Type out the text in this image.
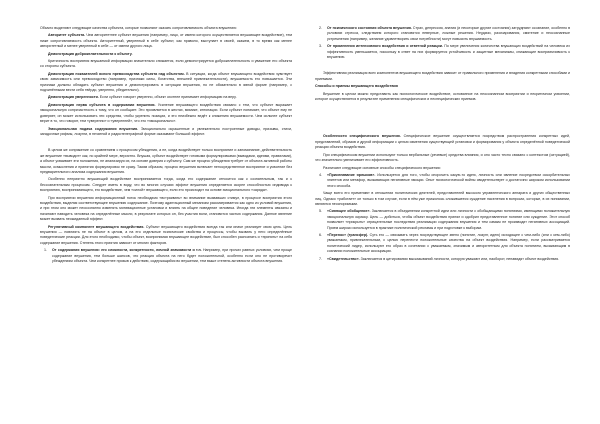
Обычно выделяют следующие качества субъекта, которые позволяют оказать сопротивляемость объекта внушению:

Авторитет субъекта. Чем авторитетнее субъект внушения (например, лицо, от имени которого осуществляется внушающее воздействие), тем ниже сопротивляемость объекта. Авторитетный, уверенный в себе субъект, как правило, выступает в своей, скажем, в то время как менее авторитетный и менее уверенный в себе — от имени другого лица.

Демонстрация доброжелательности к объекту.

Критичность восприятия внушаемой информации значительно снижается, если демонстрируется доброжелательность и уважение его объекта со стороны субъекта.

Демонстрация показателей ясного превосходства субъекта над объектом. В ситуации, когда объект внушающего воздействия чувствует свою зависимость или превосходство (например, признаки силы, богатства, внешней привлекательности), внушаемость его повышается. Эти признаки должны обладать субъект внушения и демонстрировать в ситуации внушения, но не обязательно в явной форме (например, с подчинёнными вести себя твёрдо, уверенно, убедительно).

Демонстрация уверенности. Если субъект говорит уверенно, объект охотнее принимает информацию на веру.

Демонстрация нерва субъекта в содержании внушения. Усиление внушающего воздействия связано с тем, что субъект выражает эмоциональную сопричастность к тому, что он сообщает. Это проявляется в жестах, мимике, интонации. Если субъект понимает, что объект ему не доверяет, он может использовать эти средства, чтобы укрепить позиции, и это неизбежно ведёт к снижению внушаемости. Чем сильнее субъект верит в то, что говорит, тем «уверенно» и «уверенней», что это «эмоционально».

Эмоциональная подача содержания внушения. Эмоционально окрашенные и увлекательно построенные доводы, призывы, стихи, загадочные рифмы, лозунги, в печатной и радиотелеграфной форме оказывают большой эффект.

В целом же сопряжение со сравнением с процессом убеждения, а не, когда воздействует только восприятие и запоминание, действительность же внушение «выводит» как, по крайней мере, вероятно. Внушая, субъект воздействует готовыми формулировками (выводами, идеями, правилами), а объект усваивает эти положения, не анализируя их, на основе доверия к субъекту. Сам же процесс убеждения требует от объекта активной работы мысли, осмысления и принятия формулировок не сразу. Таким образом, процесс внушения включает непосредственное восприятие и усвоение без предварительного анализа содержания внушения.

Особенно неприятно внушающий воздействие воспринимается тогда, когда его содержание относится как к сознательным, так и к бессознательным процессам. Следует иметь в виду, что во многих случаях эффект внушения определяется скорее способностью индивида к восприятию, воспринимающего, его воздействие, чем «силой» внушающего, если это происходит на основе эмоционального «заряда».

При восприятии внушения информационный поток необходимо «встраивать» во внимание вызвавших стимул, в процессе восприятия этого воздействия, выделяя соответствующее внушению содержание. Поэтому адаптационный механизм рассматривается как одно из условий внушения, и при этом оно может неосознанно изменять мотивационные установки и влиять на общее поведение человека. Иногда эти элементы связаны и начинают наводить человека на определённые мысли, в результате которых он, без участия воли, становится частью содержания. Данное явление может вызвать неожиданный эффект.

Регулятивный компонент внушающего воздействия. Субъект внушающего воздействия всегда так или иначе реализует свою цель. Цель внушения — повлиять не на объект в целом, а на его отдельные психические свойства и процессы, чтобы вызвать у него определённые поведенческие реакции. Для этого необходимо, чтобы объект, воспринимая внушающее воздействие, был способен распознать и «принять» на себя содержание внушения. Степень этого приятия зависит от многих факторов.

1.	От содержания внушения: его сложности, конкретности, личной значимости и т.п. Например, при прочих равных условиях, чем проще содержание внушения, тем больше шансов, что реакция объекта на него будет положительной, особенно если оно не противоречит убеждениям объекта. Чем конкретнее призыв к действию, содержащийся во внушении, тем выше степень активности объекта внушения.
2.	От психического состояния объекта внушения. Страх, депрессия, апатия (и некоторые другие состояния) затрудняют осознание, особенно в условиях стресса, следствием которого становятся неверные, ложные решения. Неудачи, разочарования, смятение и неосознанные устремления (например, желание удовлетворить свои потребности) могут повысить внушаемость.
3.	От применения интенсивного воздействия и ответной реакции. По мере увеличения количества внушающих воздействий на человека их эффективность уменьшается, поскольку в ответ на них формируется устойчивость и защитные механизмы, снижающие восприимчивость к внушению.

Эффективная реализация всех компонентов внушающего воздействия зависит от правильного применения и владения конкретными способами и приемами.

Способы и приемы внушающего воздействия

Внушение в целом можно представить как психологическое воздействие, основанное на неосознанном восприятии и некритичном усвоении, которое осуществляется в результате применения специфических и неспецифических приемов.

Особенности специфического внушения. Специфическое внушение осуществляется посредством распространения конкретных идей, представлений, образов и другой информации с целью изменения существующей установки и формирования у объекта определённой поведенческой реакции объекта воздействия.

При специфическом внушении используют только вербальные (речевые) средства влияния, и оно часто тесно связано с контекстом (ситуацией), что значительно увеличивает его эффективность.

Различают следующие основные способы специфического внушения:

4.	«Приклеивание ярлыков». Используется для того, чтобы опорочить какую-то идею, личность или явление посредством оскорбительных эпитетов или метафор, вызывающих негативные эмоции. Опыт психологической войны свидетельствует о достаточно широком использовании этого способа.

Чаще всего его применяют в отношении политических деятелей, представителей высокого управленческого аппарата и других общественных лиц. Однако «работает» он только в том случае, если в нём уже прижилось сложившееся суждение населения в вопросах, которые, в их понимании, являются неоспоримыми.

5.	«Сияющее обобщение». Заключается в объединении конкретной идеи или личности с обобщающими понятиями, имеющими положительную эмоциональную окраску. Цель — добиться, чтобы объект воздействия принял и одобрил представленное понятие или суждение. Этот способ позволяет «прикрыть» отрицательные последствия реализации содержания внушения и тем самым не производит негативных ассоциаций. Прием широко используется в практике политической рекламы и при подготовке к выборам.
6.	«Перенос» (трансфер). Суть его — связывать через посредствующее звено (понятие, лозунг, идею) исходящее с чем-либо (или с кем-либо) уважаемым, привлекательным, с целью перенести положительные качества на объект воздействия. Например, если рассматривается политический лидер, используют его образ в сочетании с уважаемым, значимым и авторитетным для объекта понятием, вызывающим в сознании положительные ассоциации.
7.	«Свидетельство». Заключается в цитировании высказываний личности, которую уважают или, наоборот, ненавидят объект воздействия.
